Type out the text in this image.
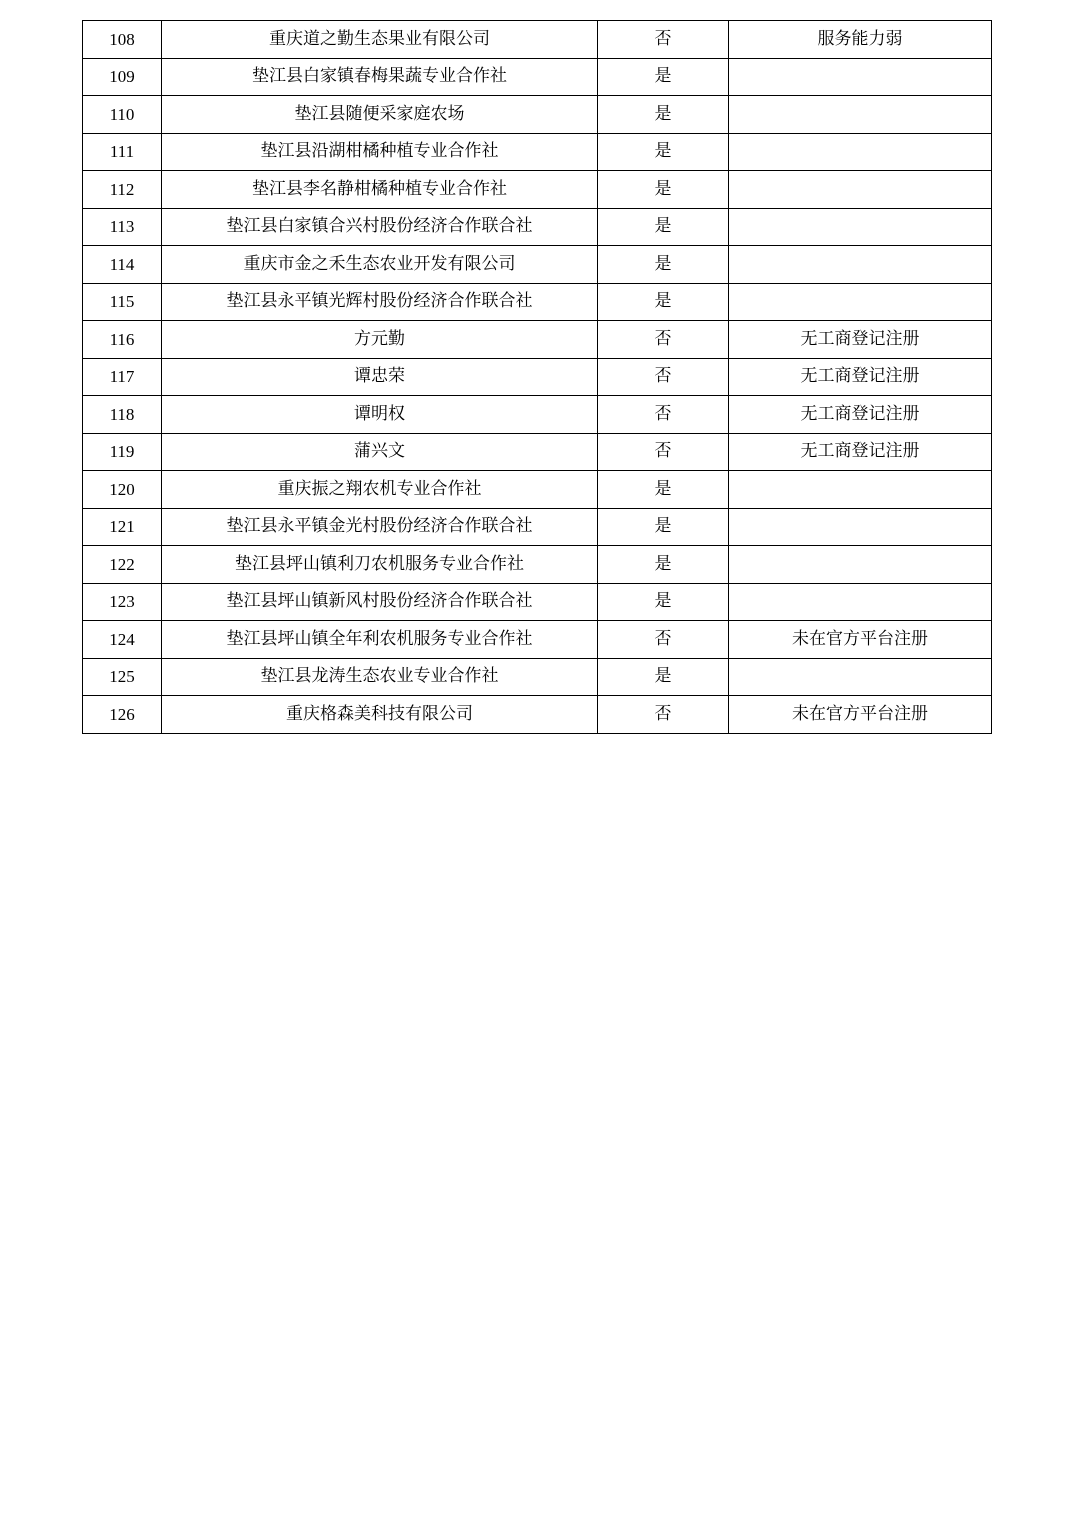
108	重庆道之勤生态果业有限公司	否	服务能力弱
109	垫江县白家镇春梅果蔬专业合作社	是	
110	垫江县随便采家庭农场	是	
111	垫江县沿湖柑橘种植专业合作社	是	
112	垫江县李名静柑橘种植专业合作社	是	
113	垫江县白家镇合兴村股份经济合作联合社	是	
114	重庆市金之禾生态农业开发有限公司	是	
115	垫江县永平镇光辉村股份经济合作联合社	是	
116	方元勤	否	无工商登记注册
117	谭忠荣	否	无工商登记注册
118	谭明权	否	无工商登记注册
119	蒲兴文	否	无工商登记注册
120	重庆振之翔农机专业合作社	是	
121	垫江县永平镇金光村股份经济合作联合社	是	
122	垫江县坪山镇利刀农机服务专业合作社	是	
123	垫江县坪山镇新风村股份经济合作联合社	是	
124	垫江县坪山镇全年利农机服务专业合作社	否	未在官方平台注册
125	垫江县龙涛生态农业专业合作社	是	
126	重庆格森美科技有限公司	否	未在官方平台注册
